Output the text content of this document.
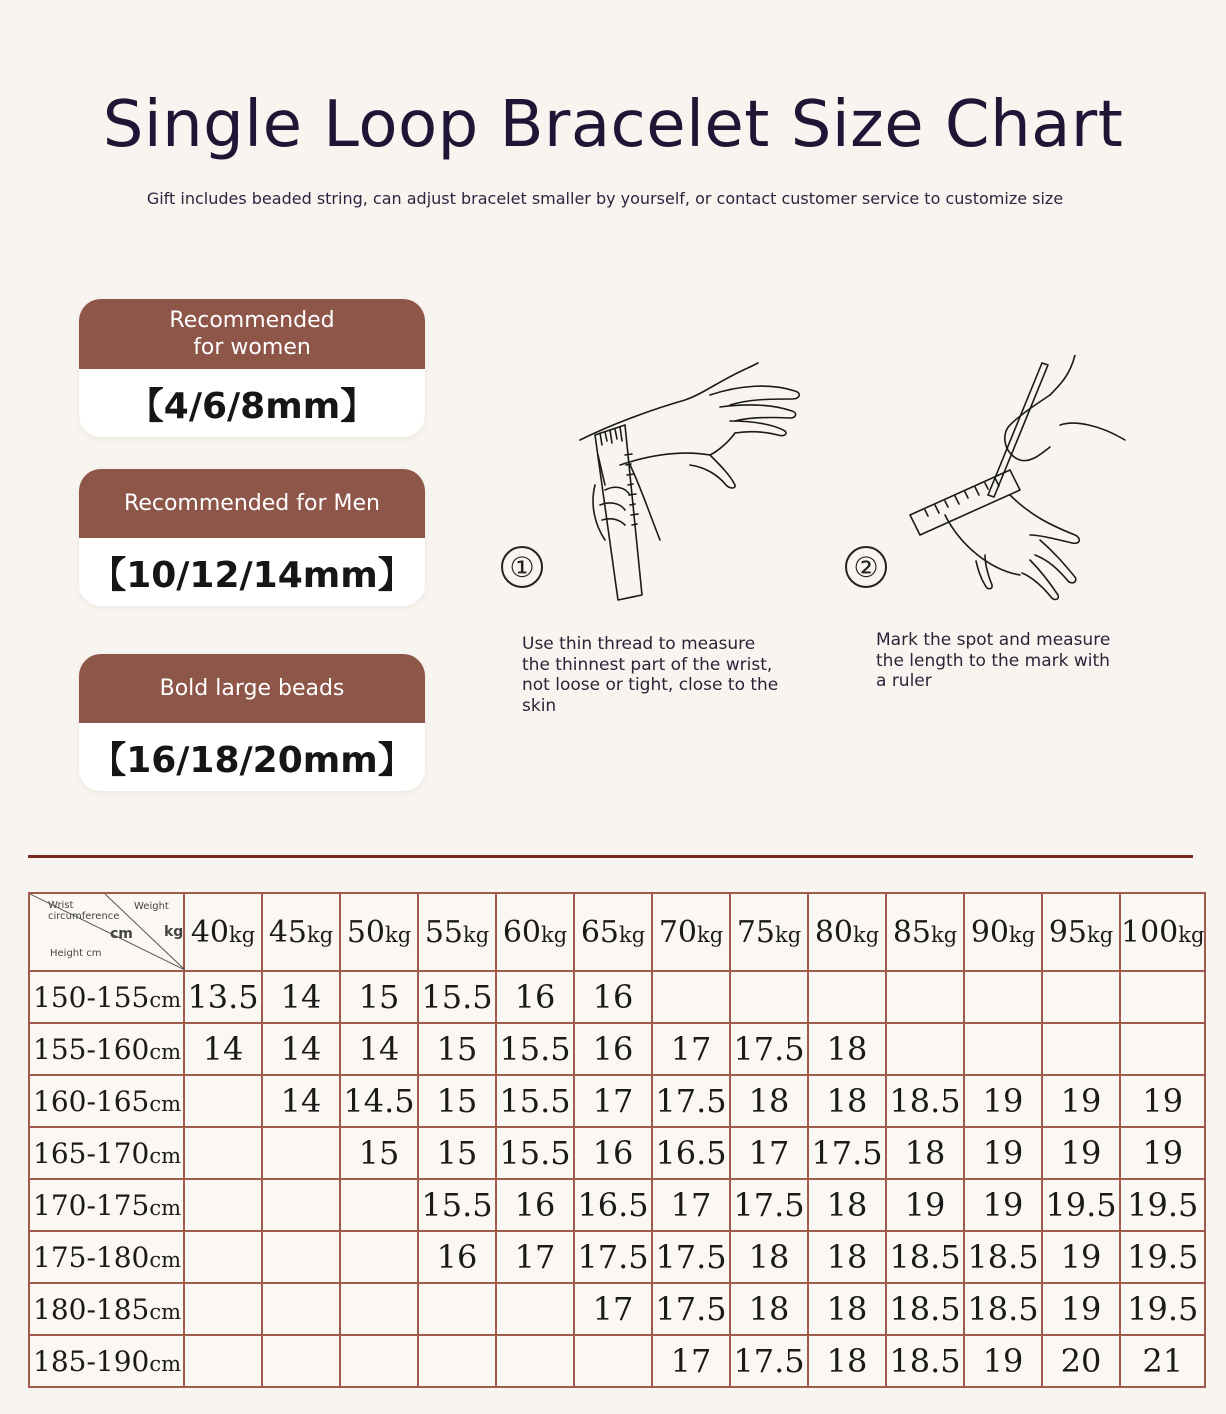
Single Loop Bracelet Size Chart
Gift includes beaded string, can adjust bracelet smaller by yourself, or contact customer service to customize size
Recommended
for women
【4/6/8mm】
Recommended for Men
【10/12/14mm】
Bold large beads
【16/18/20mm】
①
Use thin thread to measure the thinnest part of the wrist, not loose or tight, close to the skin
②
Mark the spot and measure the length to the mark with a ruler
Wrist circumference
Weight
cm kg
Height cm	40kg	45kg	50kg	55kg	60kg	65kg	70kg	75kg	80kg	85kg	90kg	95kg	100kg
150-155cm	13.5	14	15	15.5	16	16							
155-160cm	14	14	14	15	15.5	16	17	17.5	18				
160-165cm		14	14.5	15	15.5	17	17.5	18	18	18.5	19	19	19
165-170cm			15	15	15.5	16	16.5	17	17.5	18	19	19	19
170-175cm				15.5	16	16.5	17	17.5	18	19	19	19.5	19.5
175-180cm				16	17	17.5	17.5	18	18	18.5	18.5	19	19.5
180-185cm						17	17.5	18	18	18.5	18.5	19	19.5
185-190cm							17	17.5	18	18.5	19	20	21
